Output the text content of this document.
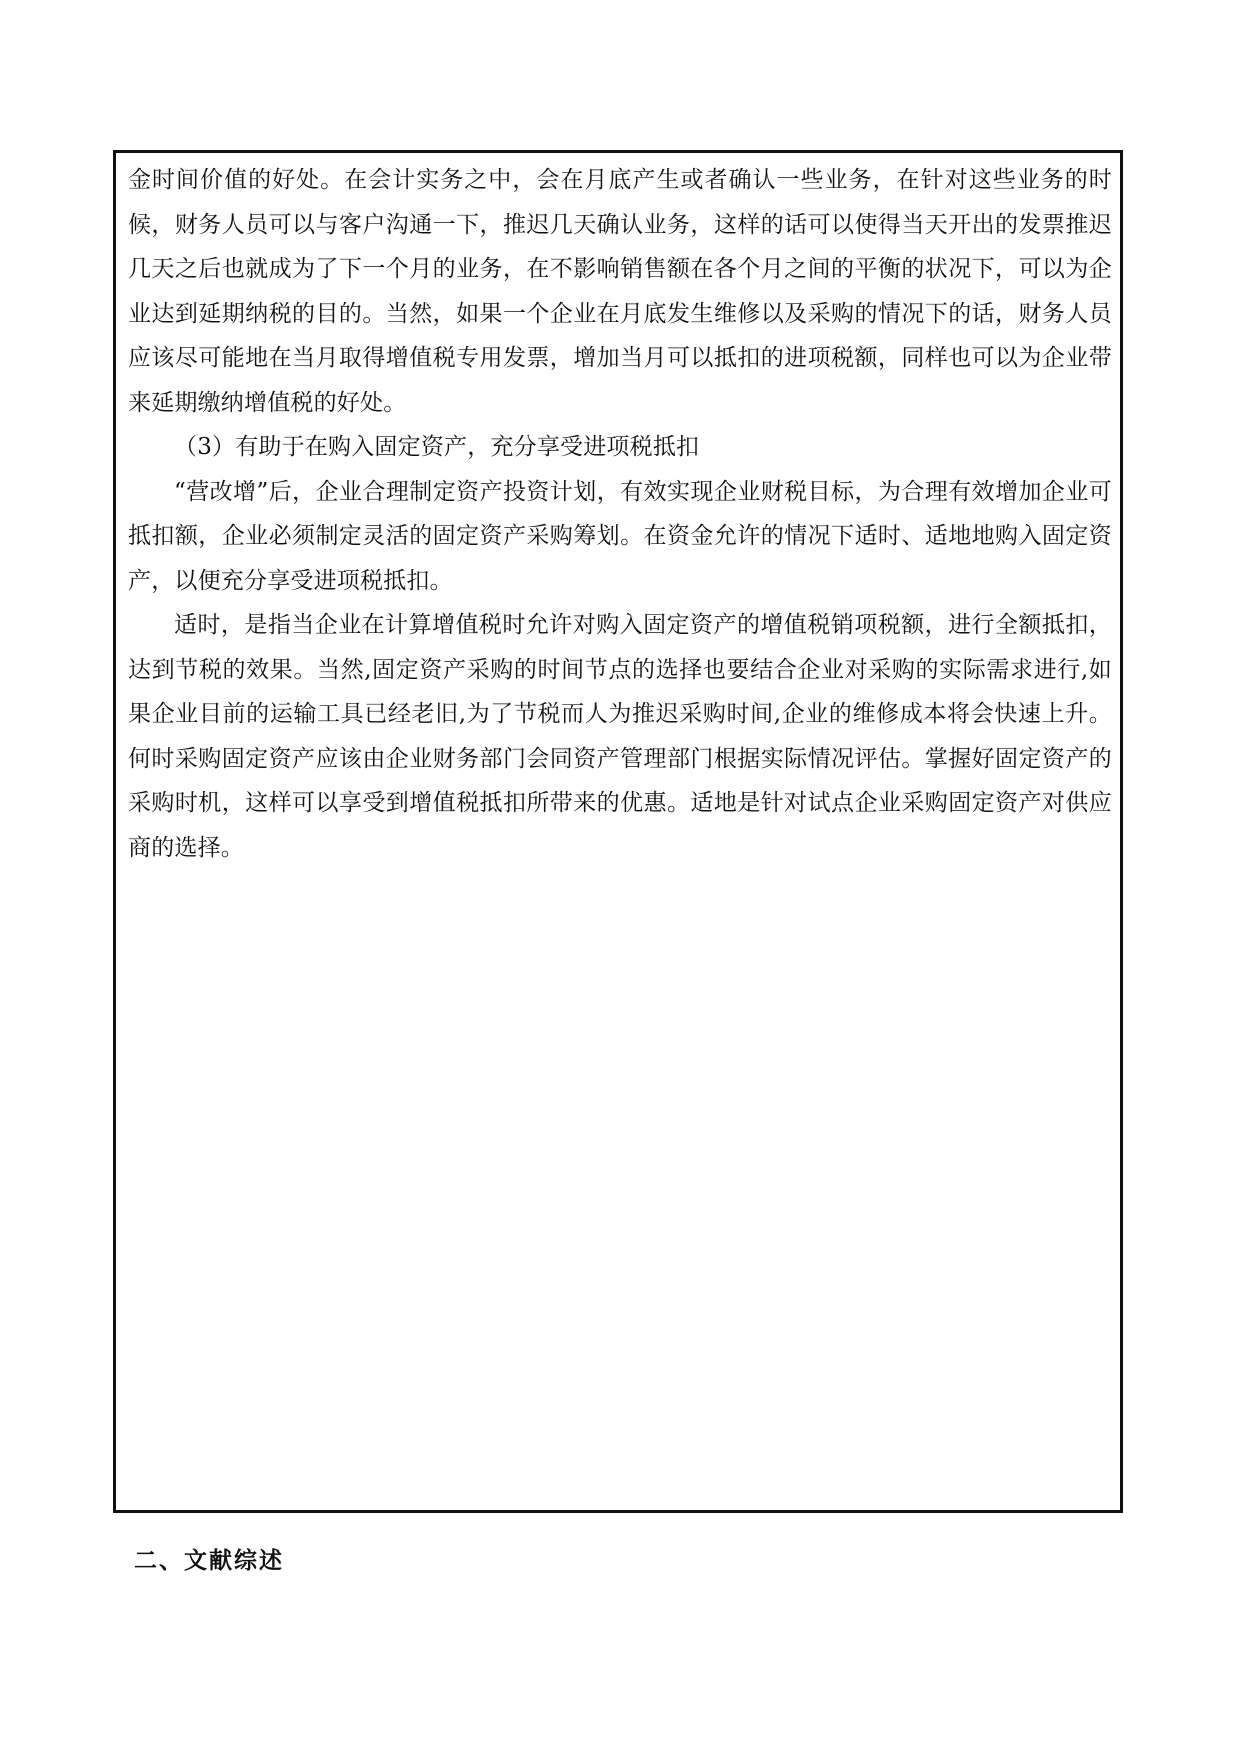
金时间价值的好处。在会计实务之中，会在月底产生或者确认一些业务，在针对这些业务的时候，财务人员可以与客户沟通一下，推迟几天确认业务，这样的话可以使得当天开出的发票推迟几天之后也就成为了下一个月的业务，在不影响销售额在各个月之间的平衡的状况下，可以为企业达到延期纳税的目的。当然，如果一个企业在月底发生维修以及采购的情况下的话，财务人员应该尽可能地在当月取得增值税专用发票，增加当月可以抵扣的进项税额，同样也可以为企业带来延期缴纳增值税的好处。

（3）有助于在购入固定资产，充分享受进项税抵扣

“营改增”后，企业合理制定资产投资计划，有效实现企业财税目标，为合理有效增加企业可抵扣额，企业必须制定灵活的固定资产采购筹划。在资金允许的情况下适时、适地地购入固定资产，以便充分享受进项税抵扣。

适时，是指当企业在计算增值税时允许对购入固定资产的增值税销项税额，进行全额抵扣，达到节税的效果。当然,固定资产采购的时间节点的选择也要结合企业对采购的实际需求进行,如果企业目前的运输工具已经老旧,为了节税而人为推迟采购时间,企业的维修成本将会快速上升。何时采购固定资产应该由企业财务部门会同资产管理部门根据实际情况评估。掌握好固定资产的采购时机，这样可以享受到增值税抵扣所带来的优惠。适地是针对试点企业采购固定资产对供应商的选择。

二、文献综述
